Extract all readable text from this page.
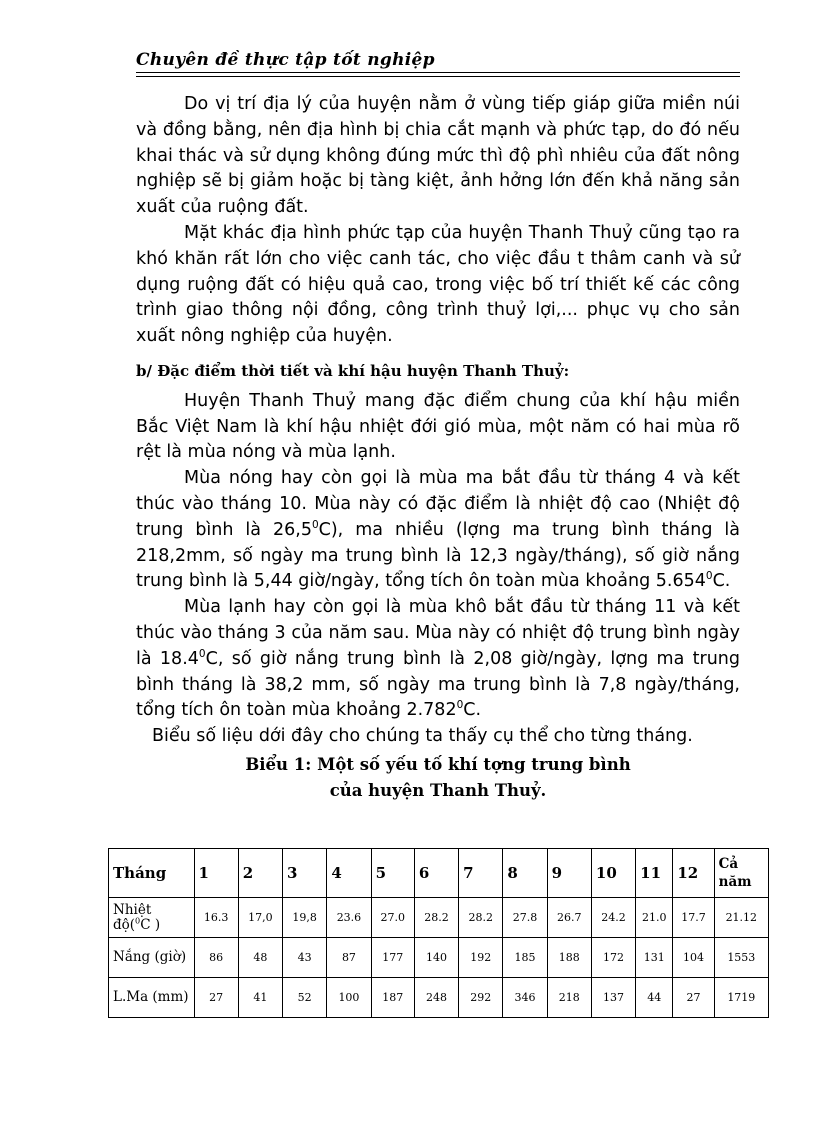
Chuyên đề thực tập tốt nghiệp

Do vị trí địa lý của huyện nằm ở vùng tiếp giáp giữa miền núi và đồng bằng, nên địa hình bị chia cắt mạnh và phức tạp, do đó nếu khai thác và sử dụng không đúng mức thì độ phì nhiêu của đất nông nghiệp sẽ bị giảm hoặc bị tàng kiệt, ảnh hởng lớn đến khả năng sản xuất của ruộng đất.

Mặt khác địa hình phức tạp của huyện Thanh Thuỷ cũng tạo ra khó khăn rất lớn cho việc canh tác, cho việc đầu t thâm canh và sử dụng ruộng đất có hiệu quả cao, trong việc bố trí thiết kế các công trình giao thông nội đồng, công trình thuỷ lợi,... phục vụ cho sản xuất nông nghiệp của huyện.

b/ Đặc điểm thời tiết và khí hậu huyện Thanh Thuỷ:

Huyện Thanh Thuỷ mang đặc điểm chung của khí hậu miền Bắc Việt Nam là khí hậu nhiệt đới gió mùa, một năm có hai mùa rõ rệt là mùa nóng và mùa lạnh.

Mùa nóng hay còn gọi là mùa ma bắt đầu từ tháng 4 và kết thúc vào tháng 10. Mùa này có đặc điểm là nhiệt độ cao (Nhiệt độ trung bình là 26,5$^0$C), ma nhiều (lợng ma trung bình tháng là 218,2mm, số ngày ma trung bình là 12,3 ngày/tháng), số giờ nắng trung bình là 5,44 giờ/ngày, tổng tích ôn toàn mùa khoảng 5.654$^0$C.

Mùa lạnh hay còn gọi là mùa khô bắt đầu từ tháng 11 và kết thúc vào tháng 3 của năm sau. Mùa này có nhiệt độ trung bình ngày là 18.4$^0$C, số giờ nắng trung bình là 2,08 giờ/ngày, lợng ma trung bình tháng là 38,2 mm, số ngày ma trung bình là 7,8 ngày/tháng, tổng tích ôn toàn mùa khoảng 2.782$^0$C.

Biểu số liệu dới đây cho chúng ta thấy cụ thể cho từng tháng.

Biểu 1: Một số yếu tố khí tợng trung bình

của huyện Thanh Thuỷ.

Tháng	1	2	3	4	5	6	7	8	9	10	11	12	Cả năm
Nhiệt độ($^0$C )	16.3	17,0	19,8	23.6	27.0	28.2	28.2	27.8	26.7	24.2	21.0	17.7	21.12
Nắng (giờ)	86	48	43	87	177	140	192	185	188	172	131	104	1553
L.Ma (mm)	27	41	52	100	187	248	292	346	218	137	44	27	1719
